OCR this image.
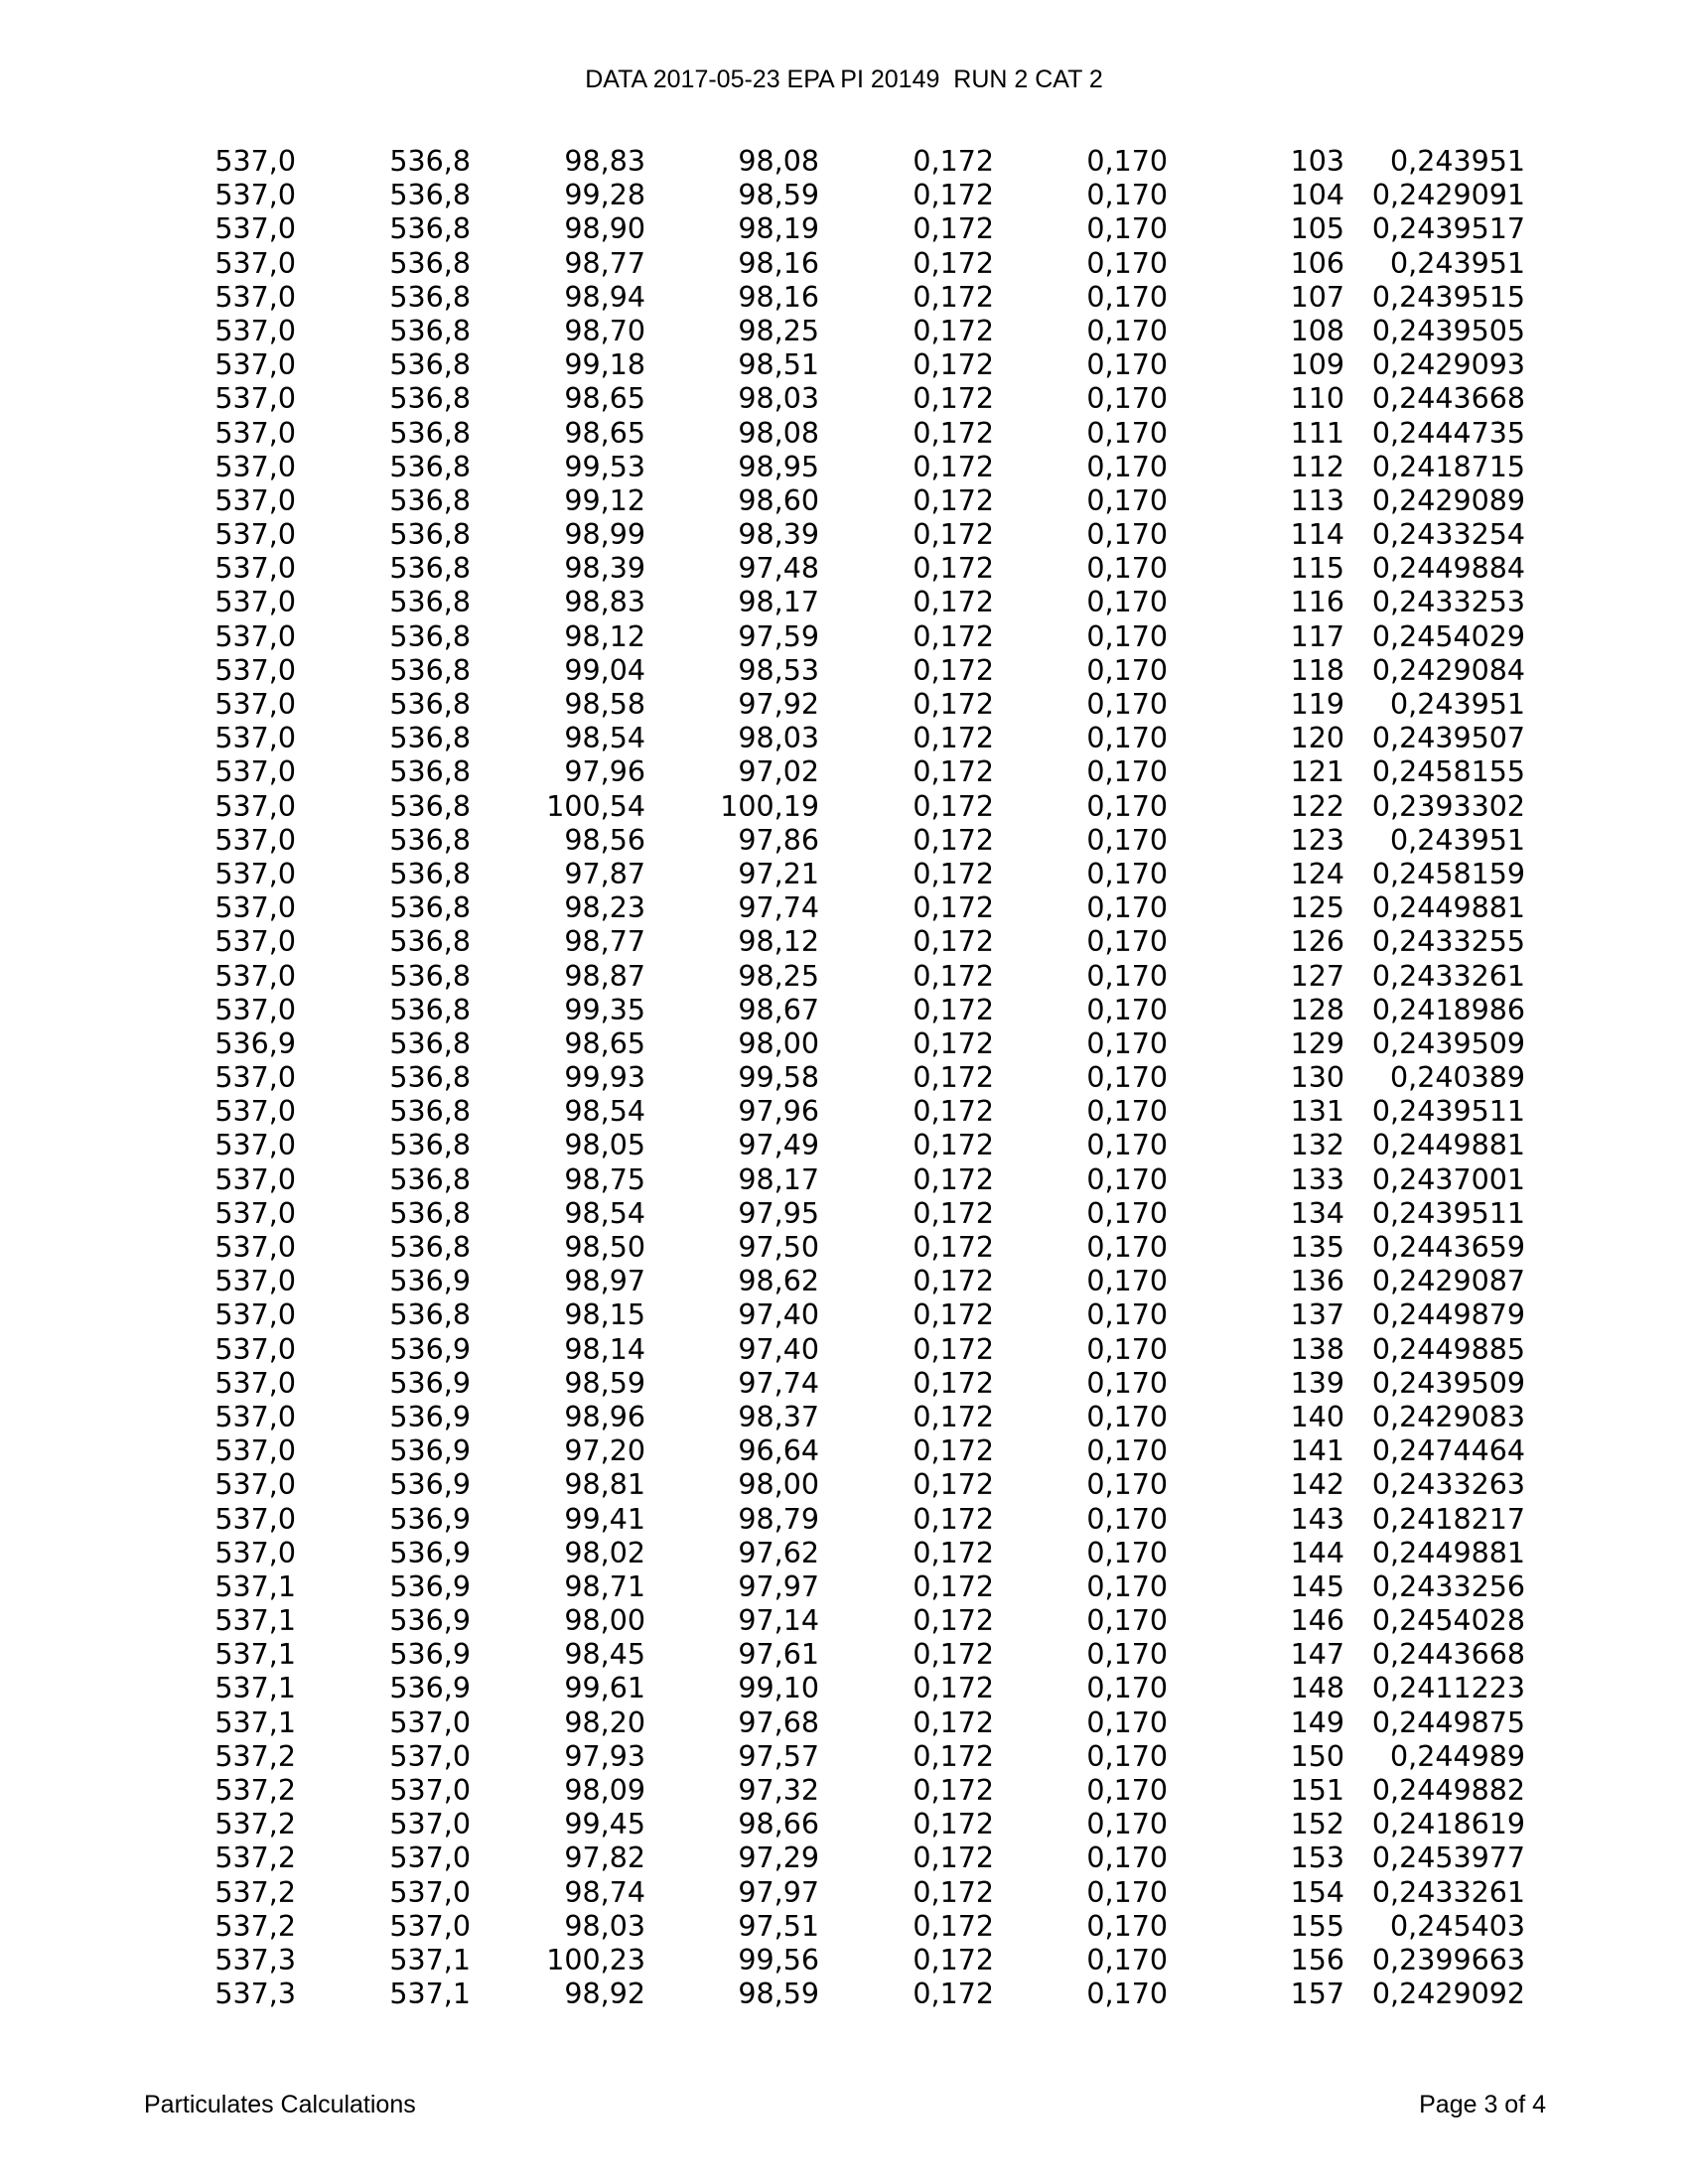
DATA 2017-05-23 EPA PI 20149  RUN 2 CAT 2
537,0	536,8	98,83	98,08	0,172	0,170	103 0,243951
537,0	536,8	99,28	98,59	0,172	0,170	104 0,2429091
537,0	536,8	98,90	98,19	0,172	0,170	105 0,2439517
537,0	536,8	98,77	98,16	0,172	0,170	106 0,243951
537,0	536,8	98,94	98,16	0,172	0,170	107 0,2439515
537,0	536,8	98,70	98,25	0,172	0,170	108 0,2439505
537,0	536,8	99,18	98,51	0,172	0,170	109 0,2429093
537,0	536,8	98,65	98,03	0,172	0,170	110 0,2443668
537,0	536,8	98,65	98,08	0,172	0,170	111 0,2444735
537,0	536,8	99,53	98,95	0,172	0,170	112 0,2418715
537,0	536,8	99,12	98,60	0,172	0,170	113 0,2429089
537,0	536,8	98,99	98,39	0,172	0,170	114 0,2433254
537,0	536,8	98,39	97,48	0,172	0,170	115 0,2449884
537,0	536,8	98,83	98,17	0,172	0,170	116 0,2433253
537,0	536,8	98,12	97,59	0,172	0,170	117 0,2454029
537,0	536,8	99,04	98,53	0,172	0,170	118 0,2429084
537,0	536,8	98,58	97,92	0,172	0,170	119 0,243951
537,0	536,8	98,54	98,03	0,172	0,170	120 0,2439507
537,0	536,8	97,96	97,02	0,172	0,170	121 0,2458155
537,0	536,8	100,54	100,19	0,172	0,170	122 0,2393302
537,0	536,8	98,56	97,86	0,172	0,170	123 0,243951
537,0	536,8	97,87	97,21	0,172	0,170	124 0,2458159
537,0	536,8	98,23	97,74	0,172	0,170	125 0,2449881
537,0	536,8	98,77	98,12	0,172	0,170	126 0,2433255
537,0	536,8	98,87	98,25	0,172	0,170	127 0,2433261
537,0	536,8	99,35	98,67	0,172	0,170	128 0,2418986
536,9	536,8	98,65	98,00	0,172	0,170	129 0,2439509
537,0	536,8	99,93	99,58	0,172	0,170	130 0,240389
537,0	536,8	98,54	97,96	0,172	0,170	131 0,2439511
537,0	536,8	98,05	97,49	0,172	0,170	132 0,2449881
537,0	536,8	98,75	98,17	0,172	0,170	133 0,2437001
537,0	536,8	98,54	97,95	0,172	0,170	134 0,2439511
537,0	536,8	98,50	97,50	0,172	0,170	135 0,2443659
537,0	536,9	98,97	98,62	0,172	0,170	136 0,2429087
537,0	536,8	98,15	97,40	0,172	0,170	137 0,2449879
537,0	536,9	98,14	97,40	0,172	0,170	138 0,2449885
537,0	536,9	98,59	97,74	0,172	0,170	139 0,2439509
537,0	536,9	98,96	98,37	0,172	0,170	140 0,2429083
537,0	536,9	97,20	96,64	0,172	0,170	141 0,2474464
537,0	536,9	98,81	98,00	0,172	0,170	142 0,2433263
537,0	536,9	99,41	98,79	0,172	0,170	143 0,2418217
537,0	536,9	98,02	97,62	0,172	0,170	144 0,2449881
537,1	536,9	98,71	97,97	0,172	0,170	145 0,2433256
537,1	536,9	98,00	97,14	0,172	0,170	146 0,2454028
537,1	536,9	98,45	97,61	0,172	0,170	147 0,2443668
537,1	536,9	99,61	99,10	0,172	0,170	148 0,2411223
537,1	537,0	98,20	97,68	0,172	0,170	149 0,2449875
537,2	537,0	97,93	97,57	0,172	0,170	150 0,244989
537,2	537,0	98,09	97,32	0,172	0,170	151 0,2449882
537,2	537,0	99,45	98,66	0,172	0,170	152 0,2418619
537,2	537,0	97,82	97,29	0,172	0,170	153 0,2453977
537,2	537,0	98,74	97,97	0,172	0,170	154 0,2433261
537,2	537,0	98,03	97,51	0,172	0,170	155 0,245403
537,3	537,1	100,23	99,56	0,172	0,170	156 0,2399663
537,3	537,1	98,92	98,59	0,172	0,170	157 0,2429092
Particulates Calculations	Page 3 of 4
